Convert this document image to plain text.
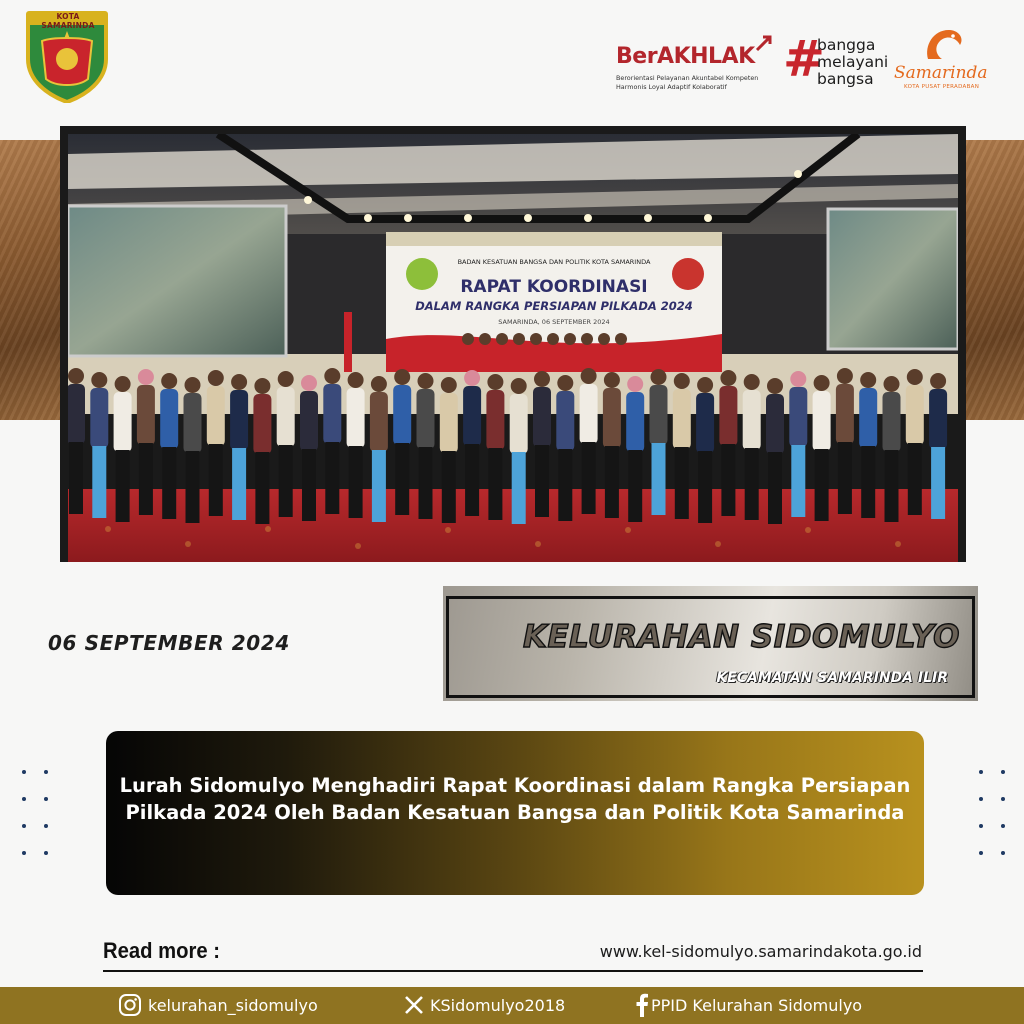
KOTA SAMARINDA
BerAKHLAK
Berorientasi Pelayanan Akuntabel Kompeten
Harmonis Loyal Adaptif Kolaboratif	#
bangga
melayani
bangsa	Samarinda
KOTA PUSAT PERADABAN
BADAN KESATUAN BANGSA DAN POLITIK KOTA SAMARINDA
RAPAT KOORDINASI
DALAM RANGKA PERSIAPAN PILKADA 2024
SAMARINDA, 06 SEPTEMBER 2024
06 SEPTEMBER 2024	KELURAHAN SIDOMULYO
KECAMATAN SAMARINDA ILIR
Lurah Sidomulyo Menghadiri Rapat Koordinasi dalam Rangka Persiapan Pilkada 2024 Oleh Badan Kesatuan Bangsa dan Politik Kota Samarinda
Read more :	www.kel-sidomulyo.samarindakota.go.id
kelurahan_sidomulyo	KSidomulyo2018	PPID Kelurahan Sidomulyo
